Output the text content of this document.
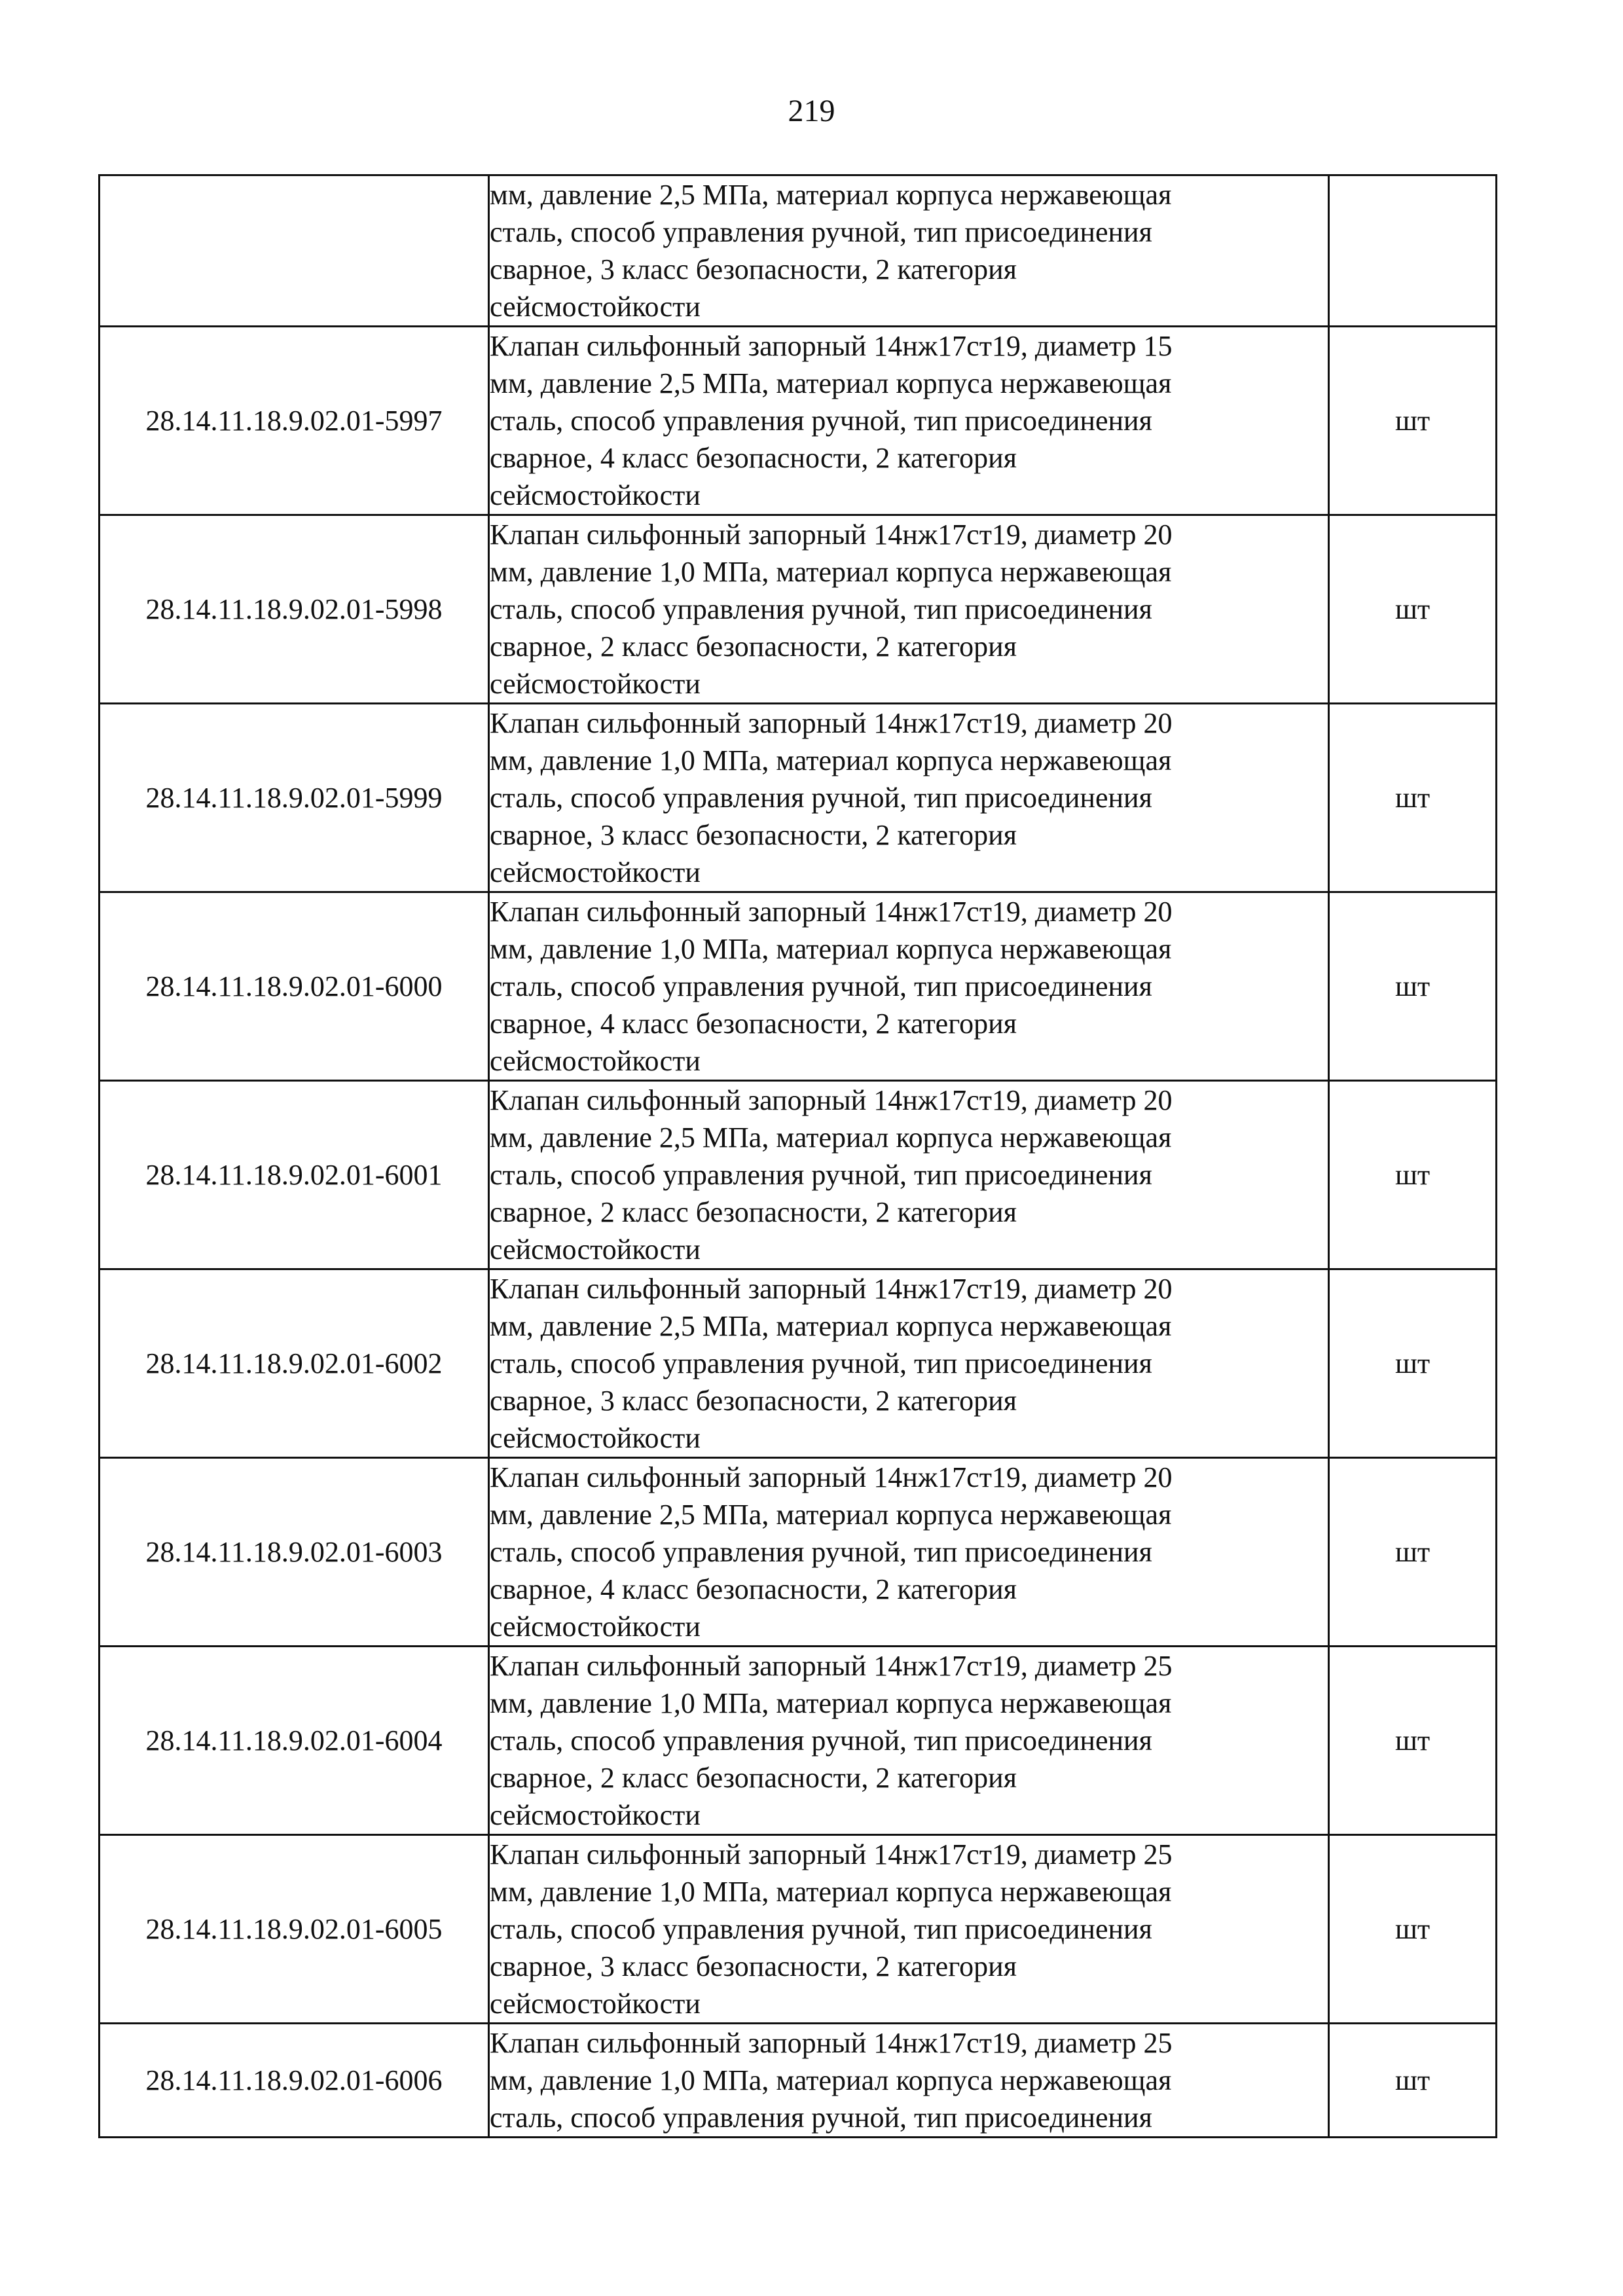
219

	мм, давление 2,5 МПа, материал корпуса нержавеющая
сталь, способ управления ручной, тип присоединения
сварное, 3 класс безопасности, 2 категория
сейсмостойкости	

28.14.11.18.9.02.01-5997	Клапан сильфонный запорный 14нж17ст19, диаметр 15
мм, давление 2,5 МПа, материал корпуса нержавеющая
сталь, способ управления ручной, тип присоединения
сварное, 4 класс безопасности, 2 категория
сейсмостойкости	шт
28.14.11.18.9.02.01-5998	Клапан сильфонный запорный 14нж17ст19, диаметр 20
мм, давление 1,0 МПа, материал корпуса нержавеющая
сталь, способ управления ручной, тип присоединения
сварное, 2 класс безопасности, 2 категория
сейсмостойкости	шт
28.14.11.18.9.02.01-5999	Клапан сильфонный запорный 14нж17ст19, диаметр 20
мм, давление 1,0 МПа, материал корпуса нержавеющая
сталь, способ управления ручной, тип присоединения
сварное, 3 класс безопасности, 2 категория
сейсмостойкости	шт
28.14.11.18.9.02.01-6000	Клапан сильфонный запорный 14нж17ст19, диаметр 20
мм, давление 1,0 МПа, материал корпуса нержавеющая
сталь, способ управления ручной, тип присоединения
сварное, 4 класс безопасности, 2 категория
сейсмостойкости	шт
28.14.11.18.9.02.01-6001	Клапан сильфонный запорный 14нж17ст19, диаметр 20
мм, давление 2,5 МПа, материал корпуса нержавеющая
сталь, способ управления ручной, тип присоединения
сварное, 2 класс безопасности, 2 категория
сейсмостойкости	шт
28.14.11.18.9.02.01-6002	Клапан сильфонный запорный 14нж17ст19, диаметр 20
мм, давление 2,5 МПа, материал корпуса нержавеющая
сталь, способ управления ручной, тип присоединения
сварное, 3 класс безопасности, 2 категория
сейсмостойкости	шт
28.14.11.18.9.02.01-6003	Клапан сильфонный запорный 14нж17ст19, диаметр 20
мм, давление 2,5 МПа, материал корпуса нержавеющая
сталь, способ управления ручной, тип присоединения
сварное, 4 класс безопасности, 2 категория
сейсмостойкости	шт
28.14.11.18.9.02.01-6004	Клапан сильфонный запорный 14нж17ст19, диаметр 25
мм, давление 1,0 МПа, материал корпуса нержавеющая
сталь, способ управления ручной, тип присоединения
сварное, 2 класс безопасности, 2 категория
сейсмостойкости	шт
28.14.11.18.9.02.01-6005	Клапан сильфонный запорный 14нж17ст19, диаметр 25
мм, давление 1,0 МПа, материал корпуса нержавеющая
сталь, способ управления ручной, тип присоединения
сварное, 3 класс безопасности, 2 категория
сейсмостойкости	шт
28.14.11.18.9.02.01-6006	Клапан сильфонный запорный 14нж17ст19, диаметр 25
мм, давление 1,0 МПа, материал корпуса нержавеющая
сталь, способ управления ручной, тип присоединения	шт
